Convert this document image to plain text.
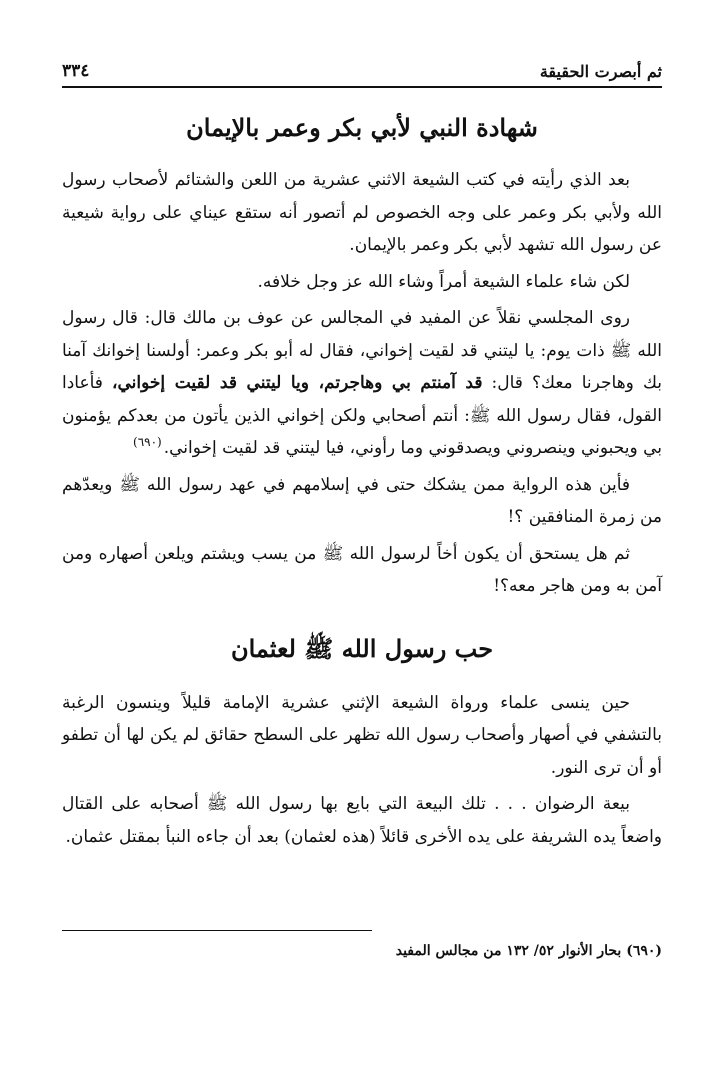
ثم أبصرت الحقيقة
٣٣٤
شهادة النبي لأبي بكر وعمر بالإيمان

بعد الذي رأيته في كتب الشيعة الاثني عشرية من اللعن والشتائم لأصحاب رسول الله ولأبي بكر وعمر على وجه الخصوص لم أتصور أنه ستقع عيناي على رواية شيعية عن رسول الله تشهد لأبي بكر وعمر بالإيمان.

لكن شاء علماء الشيعة أمراً وشاء الله عز وجل خلافه.

روى المجلسي نقلاً عن المفيد في المجالس عن عوف بن مالك قال: قال رسول الله ﷺ ذات يوم: يا ليتني قد لقيت إخواني، فقال له أبو بكر وعمر: أولسنا إخوانك آمنا بك وهاجرنا معك؟ قال: قد آمنتم بي وهاجرتم، ويا ليتني قد لقيت إخواني، فأعادا القول، فقال رسول الله ﷺ: أنتم أصحابي ولكن إخواني الذين يأتون من بعدكم يؤمنون بي ويحبوني وينصروني ويصدقوني وما رأوني، فيا ليتني قد لقيت إخواني.$^{(٦٩٠)}$

فأين هذه الرواية ممن يشكك حتى في إسلامهم في عهد رسول الله ﷺ ويعدّهم من زمرة المنافقين ؟!

ثم هل يستحق أن يكون أخاً لرسول الله ﷺ من يسب ويشتم ويلعن أصهاره ومن آمن به ومن هاجر معه؟!

حب رسول الله ﷺ لعثمان

حين ينسى علماء ورواة الشيعة الإثني عشرية الإمامة قليلاً وينسون الرغبة بالتشفي في أصهار وأصحاب رسول الله تظهر على السطح حقائق لم يكن لها أن تطفو أو أن ترى النور.

بيعة الرضوان . . . تلك البيعة التي بايع بها رسول الله ﷺ أصحابه على القتال واضعاً يده الشريفة على يده الأخرى قائلاً (هذه لعثمان) بعد أن جاءه النبأ بمقتل عثمان.

(٦٩٠) بحار الأنوار ٥٢/ ١٣٢ من مجالس المفيد
